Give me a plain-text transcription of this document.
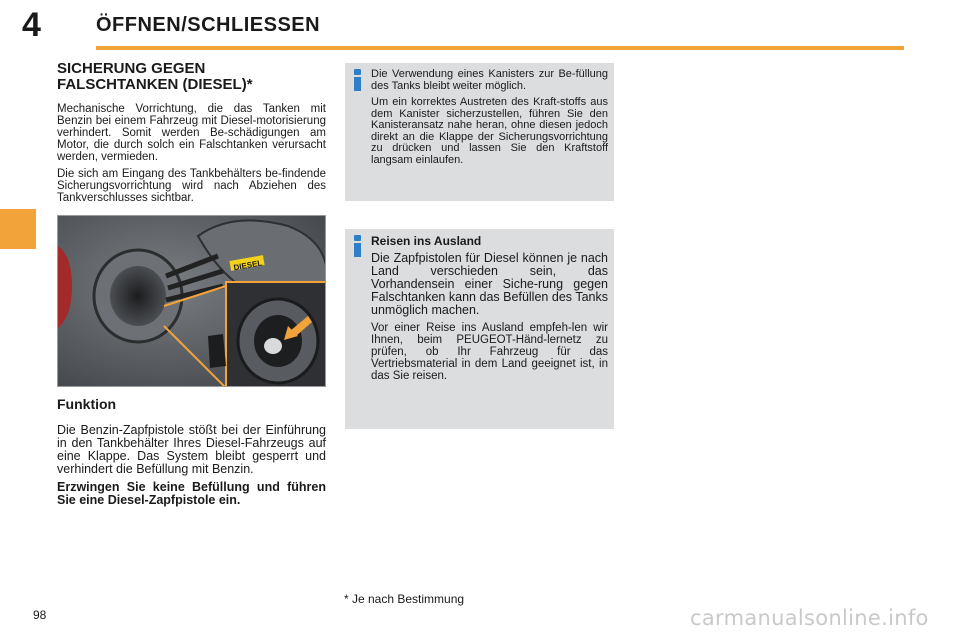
4	ÖFFNEN/SCHLIESSEN
SICHERUNG GEGEN
FALSCHTANKEN (DIESEL)*

Mechanische Vorrichtung, die das Tanken mit Benzin bei einem Fahrzeug mit Diesel-motorisierung verhindert. Somit werden Be-schädigungen am Motor, die durch solch ein Falschtanken verursacht werden, vermieden.

Die sich am Eingang des Tankbehälters be-findende Sicherungsvorrichtung wird nach Abziehen des Tankverschlusses sichtbar.

DIESEL
Funktion

Die Benzin-Zapfpistole stößt bei der Einführung in den Tankbehälter Ihres Diesel-Fahrzeugs auf eine Klappe. Das System bleibt gesperrt und verhindert die Befüllung mit Benzin.

Erzwingen Sie keine Befüllung und führen Sie eine Diesel-Zapfpistole ein.

Die Verwendung eines Kanisters zur Be-füllung des Tanks bleibt weiter möglich.

Um ein korrektes Austreten des Kraft-stoffs aus dem Kanister sicherzustellen, führen Sie den Kanisteransatz nahe heran, ohne diesen jedoch direkt an die Klappe der Sicherungsvorrichtung zu drücken und lassen Sie den Kraftstoff langsam einlaufen.

Reisen ins Ausland

Die Zapfpistolen für Diesel können je nach Land verschieden sein, das Vorhandensein einer Siche-rung gegen Falschtanken kann das Befüllen des Tanks unmöglich machen.

Vor einer Reise ins Ausland empfeh-len wir Ihnen, beim PEUGEOT-Händ-lernetz zu prüfen, ob Ihr Fahrzeug für das Vertriebsmaterial in dem Land geeignet ist, in das Sie reisen.

* Je nach Bestimmung
98	carmanualsonline.info
